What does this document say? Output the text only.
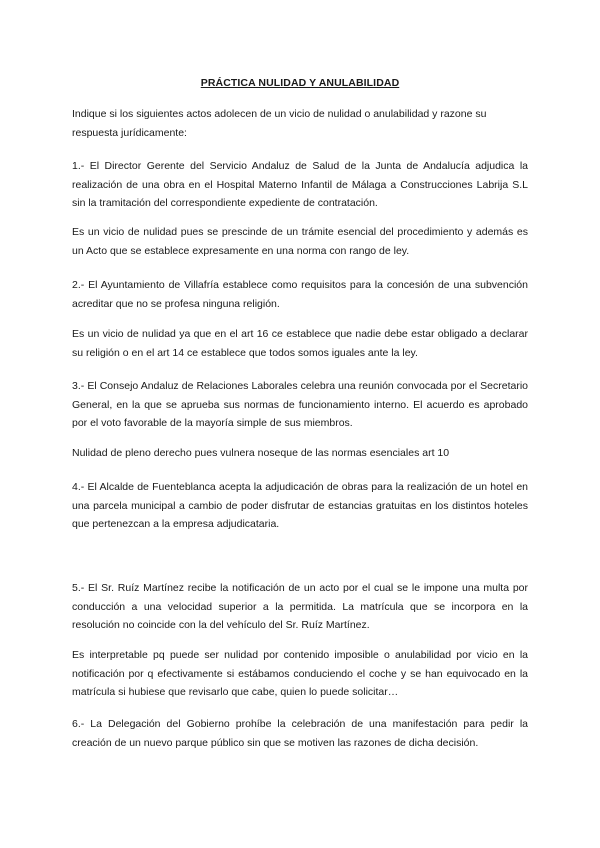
PRÁCTICA NULIDAD Y ANULABILIDAD

Indique si los siguientes actos adolecen de un vicio de nulidad o anulabilidad y razone su respuesta jurídicamente:

1.- El Director Gerente del Servicio Andaluz de Salud de la Junta de Andalucía adjudica la realización de una obra en el Hospital Materno Infantil de Málaga a Construcciones Labrija S.L sin la tramitación del correspondiente expediente de contratación.

Es un vicio de nulidad pues se prescinde de un trámite esencial del procedimiento y además es un Acto que se establece expresamente en una norma con rango de ley.

2.- El Ayuntamiento de Villafría establece como requisitos para la concesión de una subvención acreditar que no se profesa ninguna religión.

Es un vicio de nulidad ya que en el art 16 ce establece que nadie debe estar obligado a declarar su religión o en el art 14 ce establece que todos somos iguales ante la ley.

3.- El Consejo Andaluz de Relaciones Laborales celebra una reunión convocada por el Secretario General, en la que se aprueba sus normas de funcionamiento interno. El acuerdo es aprobado por el voto favorable de la mayoría simple de sus miembros.

Nulidad de pleno derecho pues vulnera noseque de las normas esenciales art 10

4.- El Alcalde de Fuenteblanca acepta la adjudicación de obras para la realización de un hotel en una parcela municipal a cambio de poder disfrutar de estancias gratuitas en los distintos hoteles que pertenezcan a la empresa adjudicataria.

5.- El Sr. Ruíz Martínez recibe la notificación de un acto por el cual se le impone una multa por conducción a una velocidad superior a la permitida. La matrícula que se incorpora en la resolución no coincide con la del vehículo del Sr. Ruíz Martínez.

Es interpretable pq puede ser nulidad por contenido imposible o anulabilidad por vicio en la notificación por q efectivamente si estábamos conduciendo el coche y se han equivocado en la matrícula si hubiese que revisarlo que cabe, quien lo puede solicitar…

6.- La Delegación del Gobierno prohíbe la celebración de una manifestación para pedir la creación de un nuevo parque público sin que se motiven las razones de dicha decisión.
